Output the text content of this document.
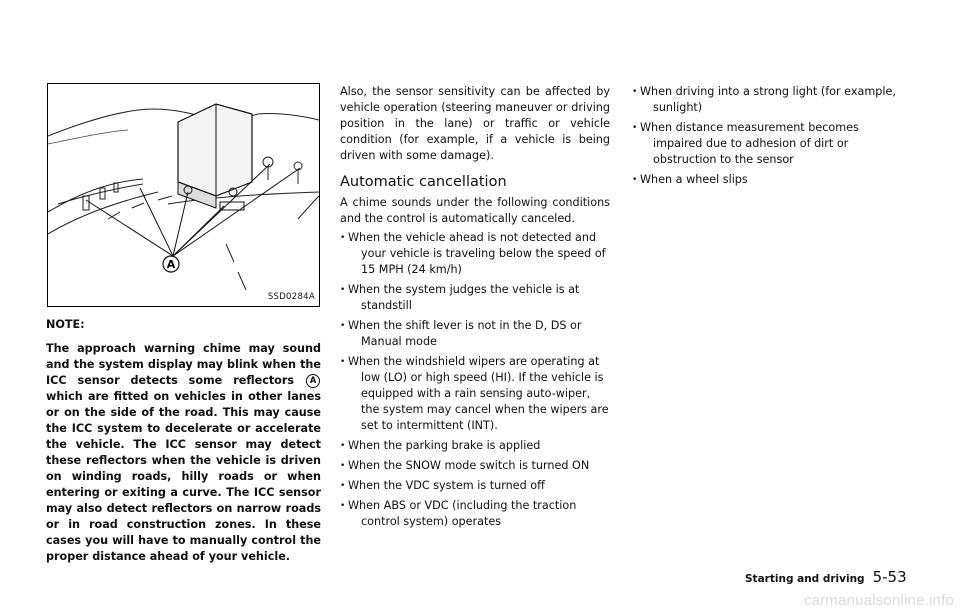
A
SSD0284A

NOTE:

The approach warning chime may sound and the system display may blink when the ICC sensor detects some reflectors A which are fitted on vehicles in other lanes or on the side of the road. This may cause the ICC system to decelerate or accelerate the vehicle. The ICC sensor may detect these reflectors when the vehicle is driven on winding roads, hilly roads or when entering or exiting a curve. The ICC sensor may also detect reflectors on narrow roads or in road construction zones. In these cases you will have to manually control the proper distance ahead of your vehicle.

Also, the sensor sensitivity can be affected by vehicle operation (steering maneuver or driving position in the lane) or traffic or vehicle condition (for example, if a vehicle is being driven with some damage).

Automatic cancellation

A chime sounds under the following conditions and the control is automatically canceled.

• When the vehicle ahead is not detected and your vehicle is traveling below the speed of 15 MPH (24 km/h)
• When the system judges the vehicle is at standstill
• When the shift lever is not in the D, DS or Manual mode
• When the windshield wipers are operating at low (LO) or high speed (HI). If the vehicle is equipped with a rain sensing auto-wiper, the system may cancel when the wipers are set to intermittent (INT).
• When the parking brake is applied
• When the SNOW mode switch is turned ON
• When the VDC system is turned off
• When ABS or VDC (including the traction control system) operates
• When driving into a strong light (for example, sunlight)
• When distance measurement becomes impaired due to adhesion of dirt or obstruction to the sensor
• When a wheel slips
Starting and driving 5-53
carmanualsonline.info
